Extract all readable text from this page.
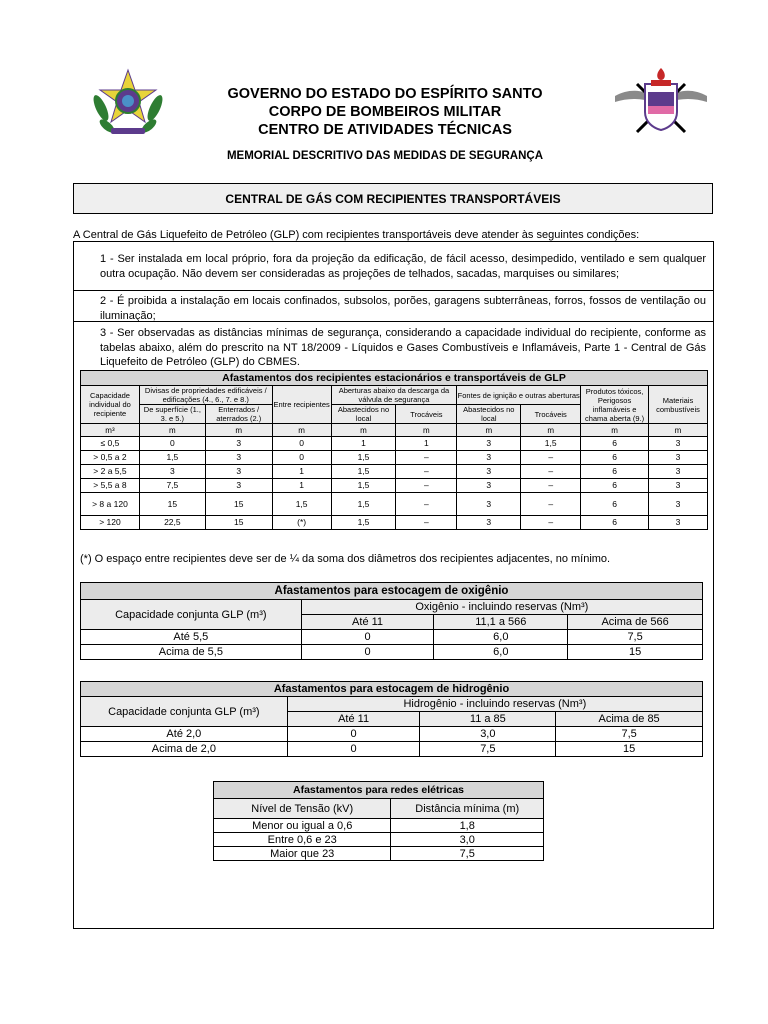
GOVERNO DO ESTADO DO ESPÍRITO SANTO
CORPO DE BOMBEIROS MILITAR
CENTRO DE ATIVIDADES TÉCNICAS
MEMORIAL DESCRITIVO DAS MEDIDAS DE SEGURANÇA
CENTRAL DE GÁS COM RECIPIENTES TRANSPORTÁVEIS
A Central de Gás Liquefeito de Petróleo (GLP) com recipientes transportáveis deve atender às seguintes condições:
1 - Ser instalada em local próprio, fora da projeção da edificação, de fácil acesso, desimpedido, ventilado e sem qualquer outra ocupação. Não devem ser consideradas as projeções de telhados, sacadas, marquises ou similares;
2 - É proibida a instalação em locais confinados, subsolos, porões, garagens subterrâneas, forros, fossos de ventilação ou iluminação;
3 - Ser observadas as distâncias mínimas de segurança, considerando a capacidade individual do recipiente, conforme as tabelas abaixo, além do prescrito na NT 18/2009 - Líquidos e Gases Combustíveis e Inflamáveis, Parte 1 - Central de Gás Liquefeito de Petróleo (GLP) do CBMES.
Afastamentos dos recipientes estacionários e transportáveis de GLP									
Capacidade individual do recipiente	Divisas de propriedades edificáveis / edificações (4., 6., 7. e 8.)		Entre recipientes	Aberturas abaixo da descarga da válvula de segurança		Fontes de ignição e outras aberturas		Produtos tóxicos, Perigosos inflamáveis e chama aberta (9.)	Materiais combustíveis
	De superfície (1., 3. e 5.)	Enterrados / aterrados (2.)		Abastecidos no local	Trocáveis	Abastecidos no local	Trocáveis		
m³	m	m	m	m	m	m	m	m	m
≤ 0,5	0	3	0	1	1	3	1,5	6	3
> 0,5 a 2	1,5	3	0	1,5	–	3	–	6	3
> 2 a 5,5	3	3	1	1,5	–	3	–	6	3
> 5,5 a 8	7,5	3	1	1,5	–	3	–	6	3
> 8 a 120	15	15	1,5	1,5	–	3	–	6	3
> 120	22,5	15	(*)	1,5	–	3	–	6	3
(*) O espaço entre recipientes deve ser de ¼ da soma dos diâmetros dos recipientes adjacentes, no mínimo.
Afastamentos para estocagem de oxigênio			
Capacidade conjunta GLP (m³)	Oxigênio - incluindo reservas (Nm³)		
	Até 11	11,1 a 566	Acima de 566
Até 5,5	0	6,0	7,5
Acima de 5,5	0	6,0	15
Afastamentos para estocagem de hidrogênio			
Capacidade conjunta GLP (m³)	Hidrogênio - incluindo reservas (Nm³)		
	Até 11	11 a 85	Acima de 85
Até 2,0	0	3,0	7,5
Acima de 2,0	0	7,5	15
Afastamentos para redes elétricas	
Nível de Tensão (kV)	Distância mínima (m)
Menor ou igual a 0,6	1,8
Entre 0,6 e 23	3,0
Maior que 23	7,5
